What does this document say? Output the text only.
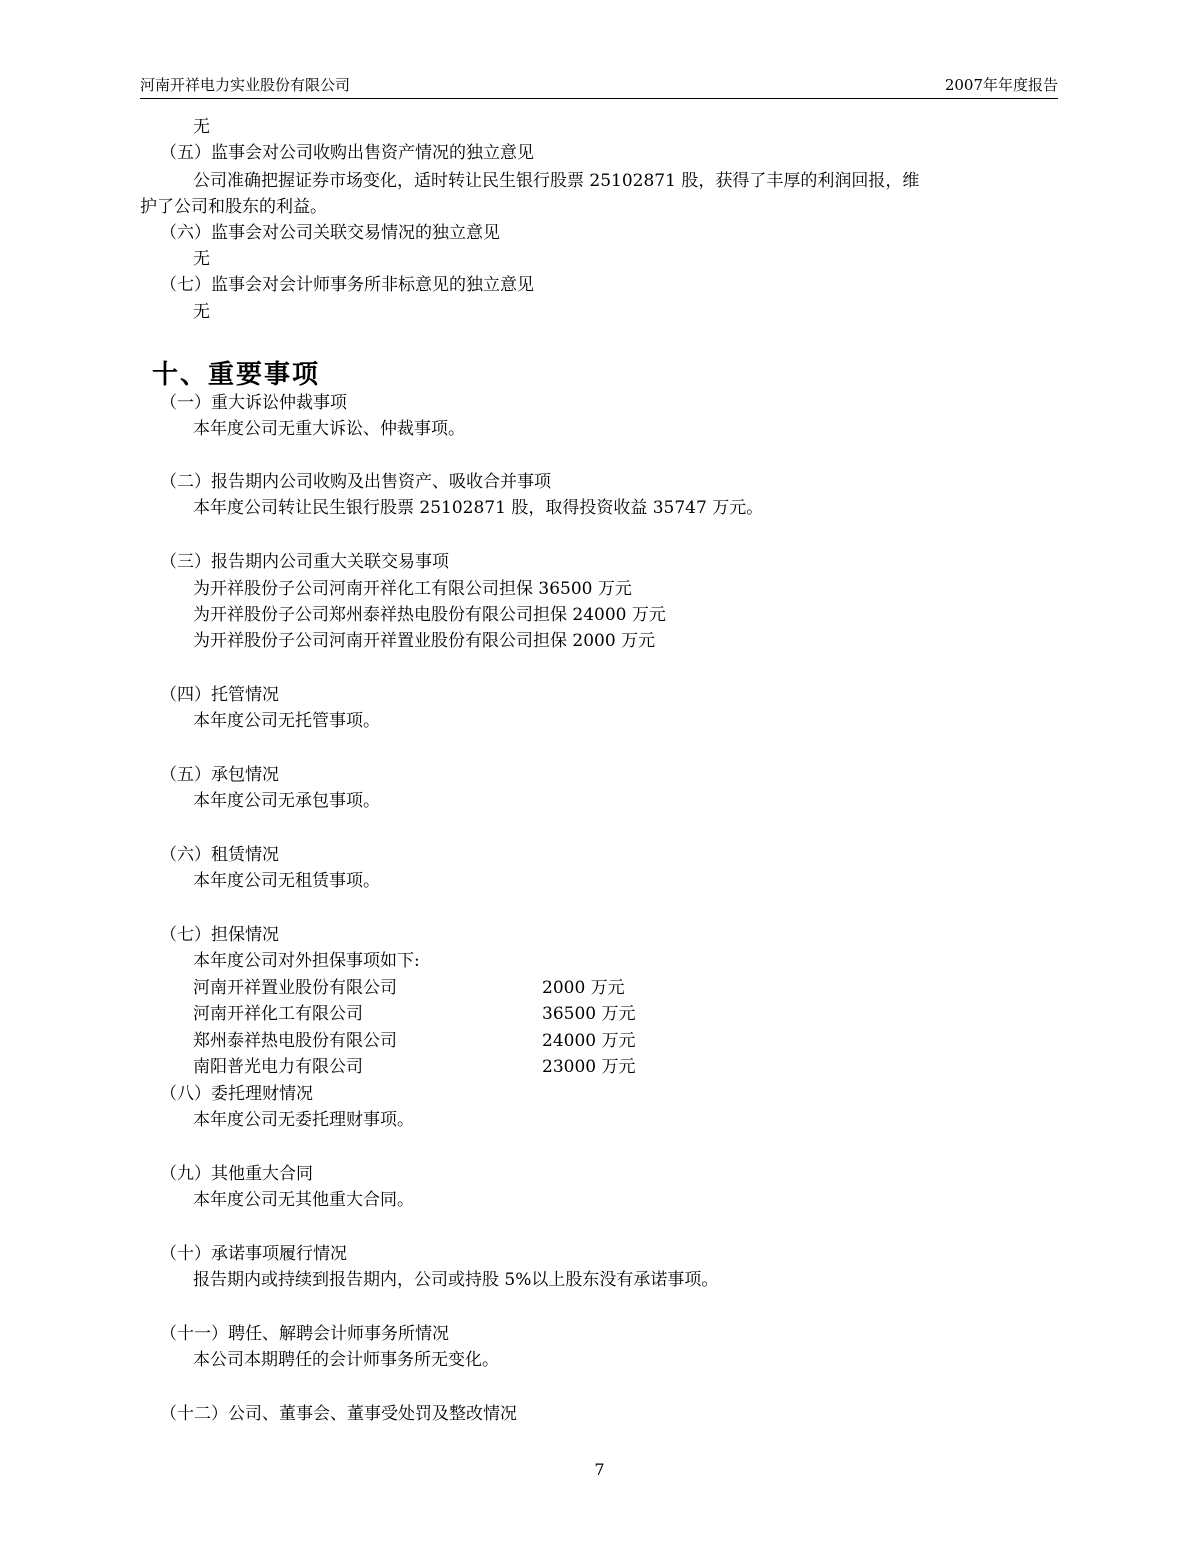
河南开祥电力实业股份有限公司	2007年年度报告
无
（五）监事会对公司收购出售资产情况的独立意见
公司准确把握证券市场变化，适时转让民生银行股票 25102871 股，获得了丰厚的利润回报，维
护了公司和股东的利益。
（六）监事会对公司关联交易情况的独立意见
无
（七）监事会对会计师事务所非标意见的独立意见
无
十、重要事项
（一）重大诉讼仲裁事项
本年度公司无重大诉讼、仲裁事项。
（二）报告期内公司收购及出售资产、吸收合并事项
本年度公司转让民生银行股票 25102871 股，取得投资收益 35747 万元。
（三）报告期内公司重大关联交易事项
为开祥股份子公司河南开祥化工有限公司担保 36500 万元
为开祥股份子公司郑州泰祥热电股份有限公司担保 24000 万元
为开祥股份子公司河南开祥置业股份有限公司担保 2000 万元
（四）托管情况
本年度公司无托管事项。
（五）承包情况
本年度公司无承包事项。
（六）租赁情况
本年度公司无租赁事项。
（七）担保情况
本年度公司对外担保事项如下:
河南开祥置业股份有限公司	2000 万元
河南开祥化工有限公司	36500 万元
郑州泰祥热电股份有限公司	24000 万元
南阳普光电力有限公司	23000 万元
（八）委托理财情况
本年度公司无委托理财事项。
（九）其他重大合同
本年度公司无其他重大合同。
（十）承诺事项履行情况
报告期内或持续到报告期内，公司或持股 5%以上股东没有承诺事项。
（十一）聘任、解聘会计师事务所情况
本公司本期聘任的会计师事务所无变化。
（十二）公司、董事会、董事受处罚及整改情况
7
